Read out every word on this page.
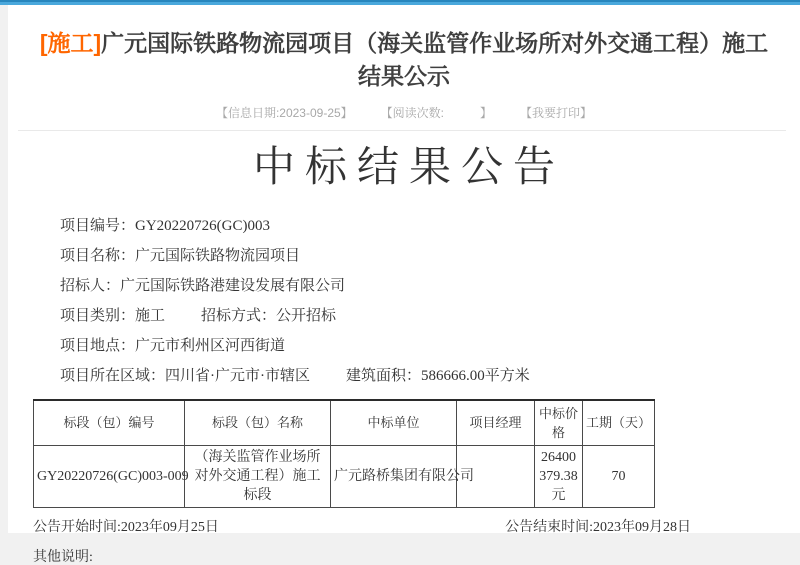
[施工]广元国际铁路物流园项目（海关监管作业场所对外交通工程）施工结果公示
【信息日期:2023-09-25】	【阅读次数:　　　】	【我要打印】
中标结果公告

项目编号：GY20220726(GC)003

项目名称：广元国际铁路物流园项目

招标人：广元国际铁路港建设发展有限公司

项目类别：施工 招标方式：公开招标

项目地点：广元市利州区河西街道

项目所在区域：四川省·广元市·市辖区 建筑面积：586666.00平方米

标段（包）编号	标段（包）名称	中标单位	项目经理	中标价格	工期（天）
GY20220726(GC)003-009	（海关监管作业场所对外交通工程）施工标段	广元路桥集团有限公司		26400379.38元	70
公告开始时间:2023年09月25日	公告结束时间:2023年09月28日

其他说明:
